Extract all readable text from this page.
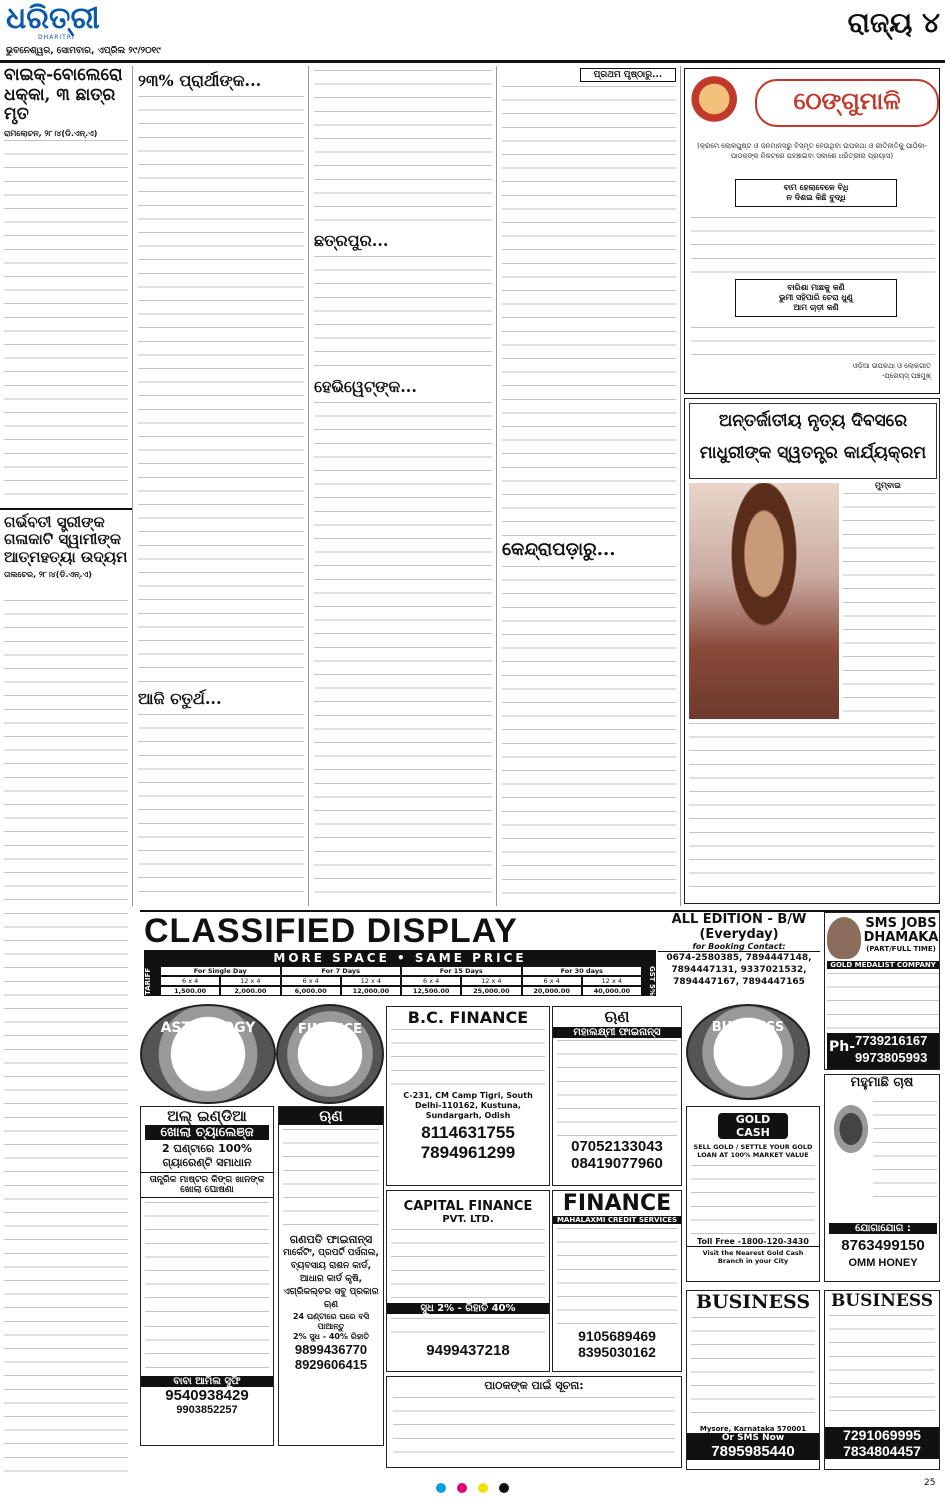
ଧରିତ୍ରୀ
DHARITRI
ଭୁବନେଶ୍ୱର, ସୋମବାର, ଏପ୍ରିଲ ୨୯/୨୦୧୯
ରାଜ୍ୟ ୪
ବାଇକ୍‌-ବୋଲେରୋ ଧକ୍କା, ୩ ଛାତ୍ର ମୃତ
ରାମଲୋଚନ, ୨୮।୪(ଡି.ଏନ୍‌.ଏ)
ଗର୍ଭବତୀ ସ୍ତ୍ରୀଙ୍କ ଗଳାକାଟି ସ୍ୱାମୀଙ୍କ ଆତ୍ମହତ୍ୟା ଉଦ୍ୟମ
ତାଲଚେର, ୨୮।୪(ଡି.ଏନ୍‌.ଏ)
୨୩% ପ୍ରାର୍ଥୀଙ୍କ...
ଆଜି ଚତୁର୍ଥ...
ଛତ୍ରପୁର...
ହେଭିୱେଟ୍‌ଙ୍କ...
ପ୍ରଥମ ପୃଷ୍ଠାରୁ...
କେନ୍ଦ୍ରାପଡ଼ାରୁ...
ଠେଙ୍ଗୁମାଳି
(କ୍ରମେ ଲୋକପୁଷ୍ଟ ଓ ଜନମାନସରୁ ବିସ୍ମୃତ ହେଉଥିବା ଉପକଥା ଓ ରୀତିନୀତିକୁ ପାଠିକା-ପାଠକଙ୍କ ନିକଟରେ ପହଞ୍ଚାଇବା ସକାଶେ ଧରିତ୍ରୀର ପ୍ରୟାସ)
ବାମ ହେଲାବେଳେ ବିଧି
ନ ଦିଶଇ କିଛି ବୁଦ୍ଧି
ବାରିଶା ମାଛକୁ କଣି
ଭୁମୀ ସହିପାରି ଚେରା ଧୁଣୁ
ଆମ ଚାଡ଼ୀ କଣି
ଓଡ଼ିଆ ଉପକଥା ଓ ଲୋକଗୀତ
-ପ୍ରେୟସ୍ ପଞ୍ଚମୁଖ୍
ଅନ୍ତର୍ଜାତୀୟ ନୃତ୍ୟ ଦିବସରେ
ମାଧୁରୀଙ୍କ ସ୍ୱତନ୍ତ୍ର କାର୍ଯ୍ୟକ୍ରମ
ମୁମ୍ବାଇ
CLASSIFIED DISPLAY
MORE SPACE • SAME PRICE
TARIFF	For Single Day	For 7 Days	For 15 Days	For 30 days
6 x 4	12 x 4	6 x 4	12 x 4	6 x 4	12 x 4	6 x 4	12 x 4
1,500.00	2,000.00	6,000.00	12,000.00	12,500.00	25,000.00	20,000.00	40,000.00	GST 5%
ALL EDITION - B/W
(Everyday)
for Booking Contact:
0674-2580385, 7894447148,
7894447131, 9337021532,
7894447167, 7894447165
SMS JOBS
DHAMAKA
(PART/FULL TIME)
GOLD MEDALIST COMPANY
Ph- 7739216167
9973805993
ASTROLOGY	FINANCE
B.C. FINANCE
C-231, CM Camp Tigri, South Delhi-110162, Kustuna, Sundargarh, Odish
8114631755
7894961299
ଋଣ
ମହାଲକ୍ଷ୍ମୀ ଫାଇନାନ୍ସ
07052133043
08419077960
BUSINESS
ଅଲ୍ ଇଣ୍ଡିଆ
ଖୋଲା ଚ୍ୟାଲେଞ୍ଜ
2 ଘଣ୍ଟାରେ 100% ଗ୍ୟାରେଣ୍ଟି ସମାଧାନ
ତାନ୍ତ୍ରିକ ମାଷ୍ଟର କିଙ୍ଗ ଖାନଙ୍କ ଖୋଲା ଘୋଷଣା
ବାବା ଆମିଲ ସୁଫି
9540938429
9903852257
ଋଣ
ଗଣପତି ଫାଇନାନ୍ସ
ମାର୍କେଟିଂ, ପ୍ରପର୍ଟି ପର୍ସନାଲ, ବ୍ୟବସାୟ ରାଶନ କାର୍ଡ, ଆଧାର କାର୍ଡ କୃଷି, ଏଗ୍ରିକଲ୍ଚର ସବୁ ପ୍ରକାର ଋଣ
24 ଘଣ୍ଟାରେ ଘରେ ବସି ପାଆନ୍ତୁ
2% ସୁଧ - 40% ରିହାତି
9899436770
8929606415
CAPITAL FINANCE
PVT. LTD.
ସୁଧ 2% - ରିହାତି 40%
9499437218
FINANCE
MAHALAXMI CREDIT SERVICES
9105689469
8395030162
GOLD CASH
SELL GOLD / SETTLE YOUR GOLD LOAN AT 100% MARKET VALUE
Toll Free -1800-120-3430
Visit the Nearest Gold Cash Branch in your City
ମହୁମାଛି ଚାଷ
ଯୋଗାଯୋଗ :
8763499150
OMM HONEY
BUSINESS
Mysore, Karnataka 570001
Or SMS Now
7895985440
BUSINESS
7291069995
7834804457
ପାଠକଙ୍କ ପାଇଁ ସୂଚନା:

25
